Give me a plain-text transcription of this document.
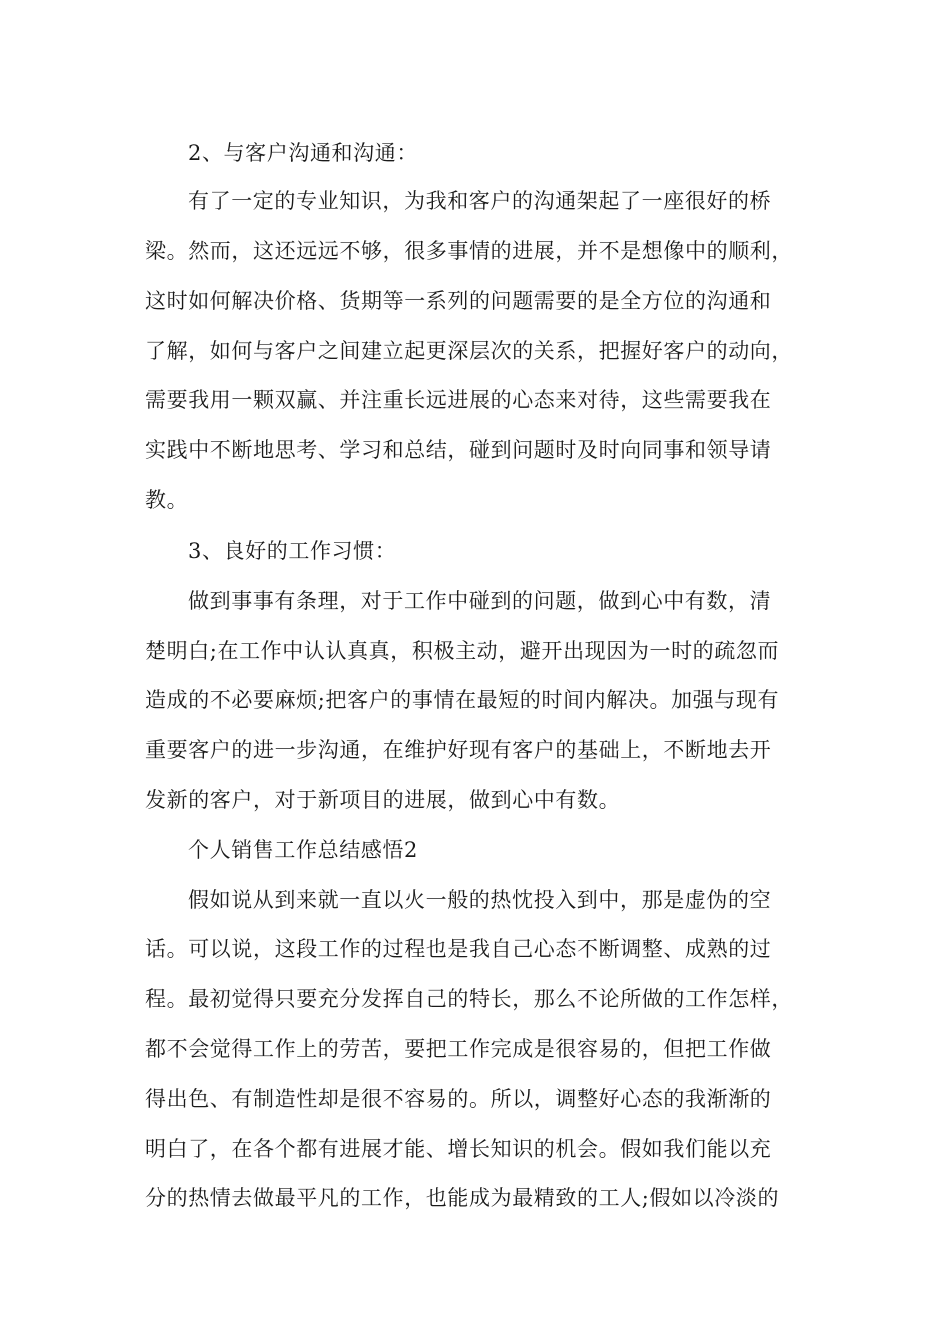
2、与客户沟通和沟通：
有了一定的专业知识，为我和客户的沟通架起了一座很好的桥
梁。然而，这还远远不够，很多事情的进展，并不是想像中的顺利，
这时如何解决价格、货期等一系列的问题需要的是全方位的沟通和
了解，如何与客户之间建立起更深层次的关系，把握好客户的动向，
需要我用一颗双赢、并注重长远进展的心态来对待，这些需要我在
实践中不断地思考、学习和总结，碰到问题时及时向同事和领导请
教。
3、良好的工作习惯：
做到事事有条理，对于工作中碰到的问题，做到心中有数，清
楚明白;在工作中认认真真，积极主动，避开出现因为一时的疏忽而
造成的不必要麻烦;把客户的事情在最短的时间内解决。加强与现有
重要客户的进一步沟通，在维护好现有客户的基础上，不断地去开
发新的客户，对于新项目的进展，做到心中有数。
个人销售工作总结感悟2
假如说从到来就一直以火一般的热忱投入到中，那是虚伪的空
话。可以说，这段工作的过程也是我自己心态不断调整、成熟的过
程。最初觉得只要充分发挥自己的特长，那么不论所做的工作怎样，
都不会觉得工作上的劳苦，要把工作完成是很容易的，但把工作做
得出色、有制造性却是很不容易的。所以，调整好心态的我渐渐的
明白了，在各个都有进展才能、增长知识的机会。假如我们能以充
分的热情去做最平凡的工作，也能成为最精致的工人;假如以冷淡的
